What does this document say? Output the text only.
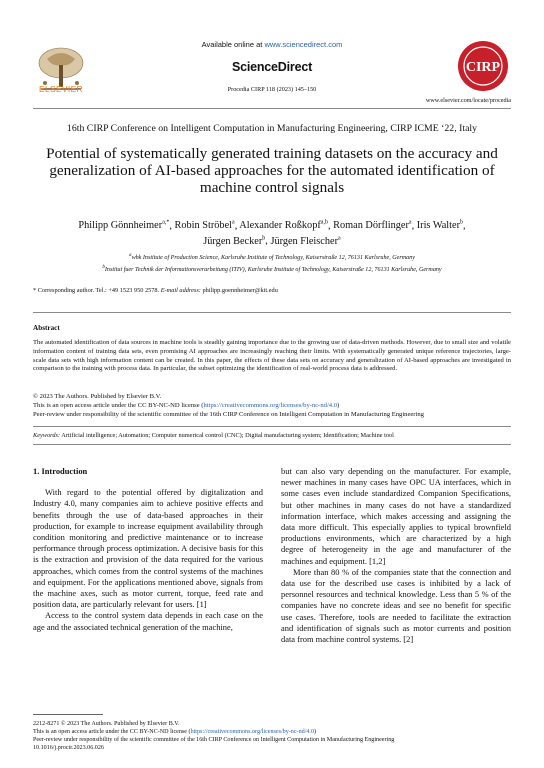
ELSEVIER
Available online at www.sciencedirect.com
ScienceDirect
Procedia CIRP 118 (2023) 145–150
CIRP
www.elsevier.com/locate/procedia
16th CIRP Conference on Intelligent Computation in Manufacturing Engineering, CIRP ICME ‘22, Italy
Potential of systematically generated training datasets on the accuracy and generalization of AI-based approaches for the automated identification of machine control signals
Philipp Gönnheimer$^{a,*}$, Robin Ströbel$^a$, Alexander Roßkopf$^{a,b}$, Roman Dörflinger$^a$, Iris Walter$^b$,
Jürgen Becker$^b$, Jürgen Fleischer$^a$
$^a$wbk Institute of Production Science, Karlsruhe Institute of Technology, Kaiserstraße 12, 76131 Karlsruhe, Germany
$^b$Institut fuer Technik der Informationsverarbeitung (ITIV), Karlsruhe Institute of Technology, Kaiserstraße 12, 76131 Karlsruhe, Germany
* Corresponding author. Tel.: +49 1523 950 2578. E-mail address: philipp.goennheimer@kit.edu
Abstract
The automated identification of data sources in machine tools is steadily gaining importance due to the growing use of data-driven methods. However, due to small size and volatile information content of training data sets, even promising AI approaches are increasingly reaching their limits. With systematically generated unique reference trajectories, large-scale data sets with high information content can be created. In this paper, the effects of these data sets on accuracy and generalization of AI-based approaches are investigated in comparison to the training with process data. In particular, the subset optimizing the identification of real-world process data is addressed.
© 2023 The Authors. Published by Elsevier B.V.
This is an open access article under the CC BY-NC-ND license (https://creativecommons.org/licenses/by-nc-nd/4.0)
Peer-review under responsibility of the scientific committee of the 16th CIRP Conference on Intelligent Computation in Manufacturing Engineering
Keywords: Artificial intelligence; Automation; Computer numerical control (CNC); Digital manufacturing system; Identification; Machine tool

1. Introduction

With regard to the potential offered by digitalization and Industry 4.0, many companies aim to achieve positive effects and benefits through the use of data-based approaches in their production, for example to increase equipment availability through condition monitoring and predictive maintenance or to increase performance through process optimization. A decisive basis for this is the extraction and provision of the data required for the various approaches, which comes from the control systems of the machines and equipment. For the applications mentioned above, signals from the machine axes, such as motor current, torque, feed rate and position data, are particularly relevant for users. [1]

Access to the control system data depends in each case on the age and the associated technical generation of the machine,

but can also vary depending on the manufacturer. For example, newer machines in many cases have OPC UA interfaces, which in some cases even include standardized Companion Specifications, but other machines in many cases do not have a standardized information interface, which makes accessing and assigning the data more difficult. This especially applies to typical brownfield productions environments, which are characterized by a high degree of heterogeneity in the age and manufacturer of the machines and equipment. [1,2]

More than 80 % of the companies state that the connection and data use for the described use cases is inhibited by a lack of personnel resources and technical knowledge. Less than 5 % of the companies have no concrete ideas and see no benefit for specific use cases. Therefore, tools are needed to facilitate the extraction and identification of signals such as motor currents and position data from machine control systems. [2]

2212-8271 © 2023 The Authors. Published by Elsevier B.V.
This is an open access article under the CC BY-NC-ND license (https://creativecommons.org/licenses/by-nc-nd/4.0)
Peer-review under responsibility of the scientific committee of the 16th CIRP Conference on Intelligent Computation in Manufacturing Engineering
10.1016/j.procir.2023.06.026
